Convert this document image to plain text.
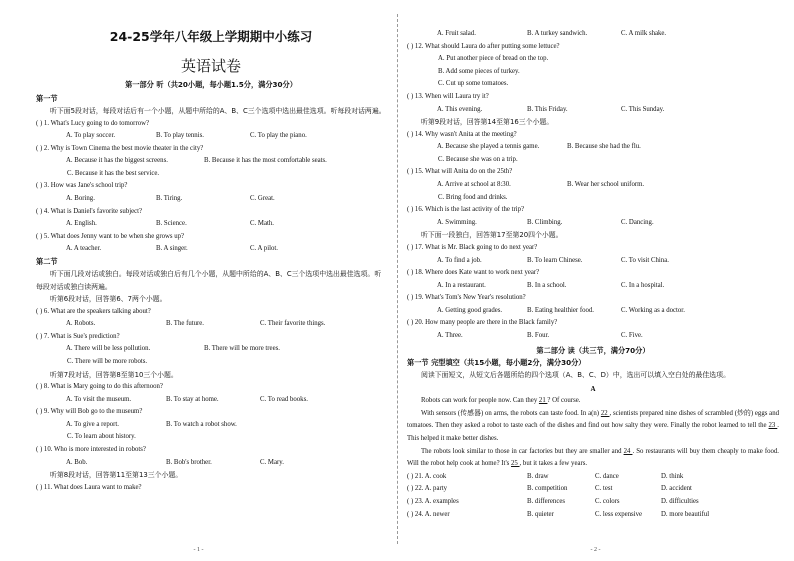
24-25学年八年级上学期期中小练习
英语试卷
第一部分 听（共20小题，每小题1.5分，满分30分）
第一节
听下面5段对话，每段对话后有一个小题，从题中所给的A、B、C三个选项中选出最佳选项。听每段对话两遍。
( ) 1. What's Lucy going to do tomorrow?
A. To play soccer.	B. To play tennis.	C. To play the piano.
( ) 2. Why is Town Cinema the best movie theater in the city?
A. Because it has the biggest screens.	B. Because it has the most comfortable seats.
C. Because it has the best service.
( ) 3. How was Jane's school trip?
A. Boring.	B. Tiring.	C. Great.
( ) 4. What is Daniel's favorite subject?
A. English.	B. Science.	C. Math.
( ) 5. What does Jenny want to be when she grows up?
A. A teacher.	B. A singer.	C. A pilot.
第二节
听下面几段对话或独白。每段对话或独白后有几个小题，从题中所给的A、B、C三个选项中选出最佳选项。听每段对话或独白读两遍。
听第6段对话，回答第6、7两个小题。
( ) 6. What are the speakers talking about?
A. Robots.	B. The future.	C. Their favorite things.
( ) 7. What is Sue's prediction?
A. There will be less pollution.	B. There will be more trees.
C. There will be more robots.
听第7段对话，回答第8至第10三个小题。
( ) 8. What is Mary going to do this afternoon?
A. To visit the museum.	B. To stay at home.	C. To read books.
( ) 9. Why will Bob go to the museum?
A. To give a report.	B. To watch a robot show.
C. To learn about history.
( ) 10. Who is more interested in robots?
A. Bob.	B. Bob's brother.	C. Mary.
听第8段对话，回答第11至第13三个小题。
( ) 11. What does Laura want to make?
- 1 -
A. Fruit salad.	B. A turkey sandwich.	C. A milk shake.
( ) 12. What should Laura do after putting some lettuce?
A. Put another piece of bread on the top.
B. Add some pieces of turkey.
C. Cut up some tomatoes.
( ) 13. When will Laura try it?
A. This evening.	B. This Friday.	C. This Sunday.
听第9段对话，回答第14至第16三个小题。
( ) 14. Why wasn't Anita at the meeting?
A. Because she played a tennis game.	B. Because she had the flu.
C. Because she was on a trip.
( ) 15. What will Anita do on the 25th?
A. Arrive at school at 8:30.	B. Wear her school uniform.
C. Bring food and drinks.
( ) 16. Which is the last activity of the trip?
A. Swimming.	B. Climbing.	C. Dancing.
听下面一段独白，回答第17至第20四个小题。
( ) 17. What is Mr. Black going to do next year?
A. To find a job.	B. To learn Chinese.	C. To visit China.
( ) 18. Where does Kate want to work next year?
A. In a restaurant.	B. In a school.	C. In a hospital.
( ) 19. What's Tom's New Year's resolution?
A. Getting good grades.	B. Eating healthier food.	C. Working as a doctor.
( ) 20. How many people are there in the Black family?
A. Three.	B. Four.	C. Five.
第二部分 读（共三节，满分70分）
第一节 完型填空（共15小题，每小题2分，满分30分）
阅读下面短文，从短文后各题所给的四个选项（A、B、C、D）中，选出可以填入空白处的最佳选项。
A
Robots can work for people now. Can they 21 ? Of course.
With sensors (传感器) on arms, the robots can taste food. In a(n) 22 , scientists prepared nine dishes of scrambled (炒的) eggs and tomatoes. Then they asked a robot to taste each of the dishes and find out how salty they were. Finally the robot learned to tell the 23 . This helped it make better dishes.
The robots look similar to those in car factories but they are smaller and 24 . So restaurants will buy them cheaply to make food. Will the robot help cook at home? It's 25 , but it takes a few years.
( ) 21. A. cook	B. draw	C. dance	D. think
( ) 22. A. party	B. competition	C. test	D. accident
( ) 23. A. examples	B. differences	C. colors	D. difficulties
( ) 24. A. newer	B. quieter	C. less expensive	D. more beautiful
- 2 -
